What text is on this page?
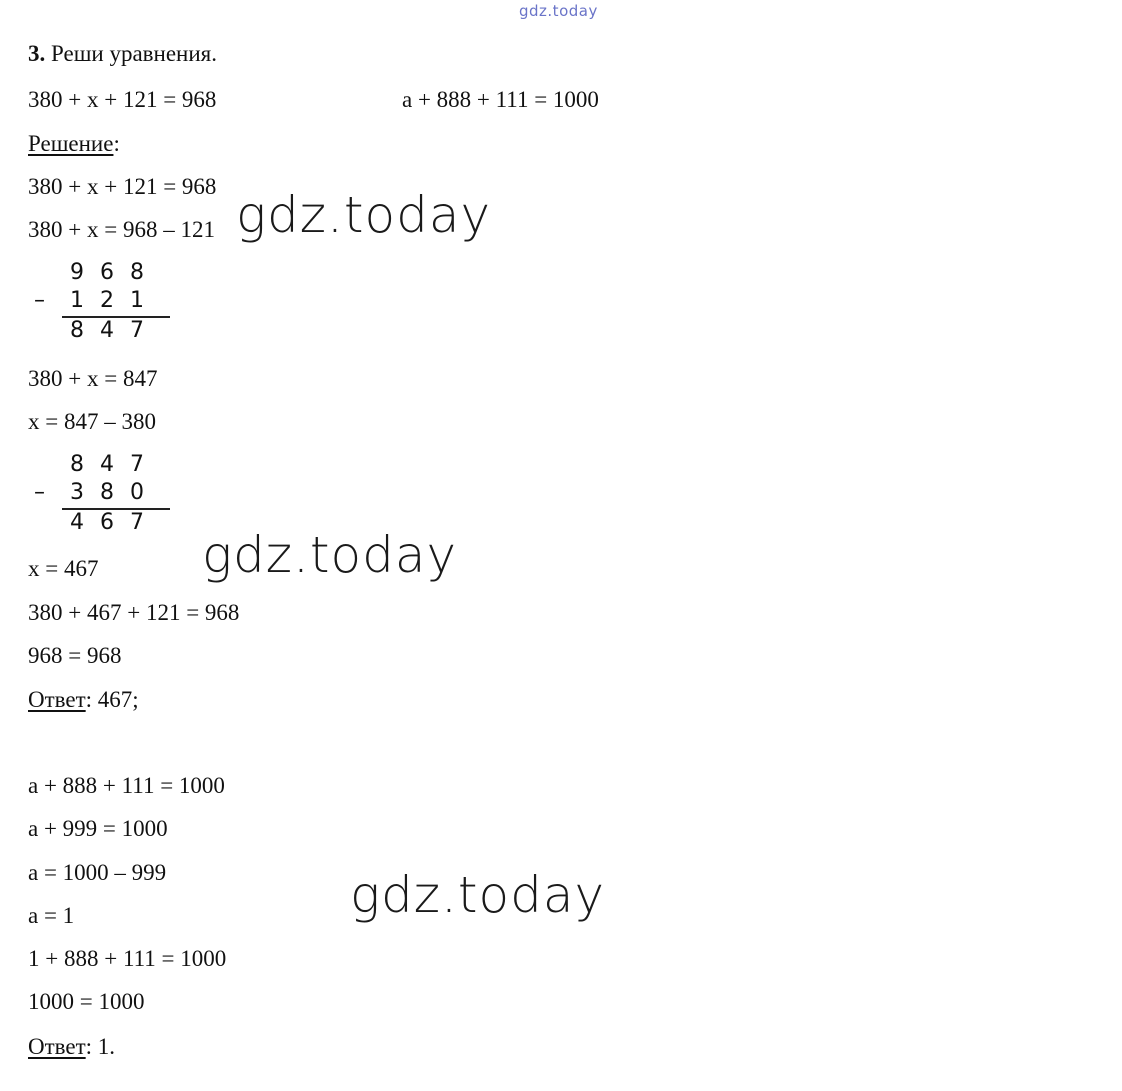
gdz.today
3. Реши уравнения.
380 + x + 121 = 968	a + 888 + 111 = 1000
Решение:
380 + x + 121 = 968
380 + x = 968 – 121
9 6 8
–	1 2 1
8 4 7
380 + x = 847
x = 847 – 380
8 4 7
–	3 8 0
4 6 7
x = 467
380 + 467 + 121 = 968
968 = 968
Ответ: 467;
a + 888 + 111 = 1000
a + 999 = 1000
a = 1000 – 999
a = 1
1 + 888 + 111 = 1000
1000 = 1000
Ответ: 1.
gdz.today
gdz.today
gdz.today
